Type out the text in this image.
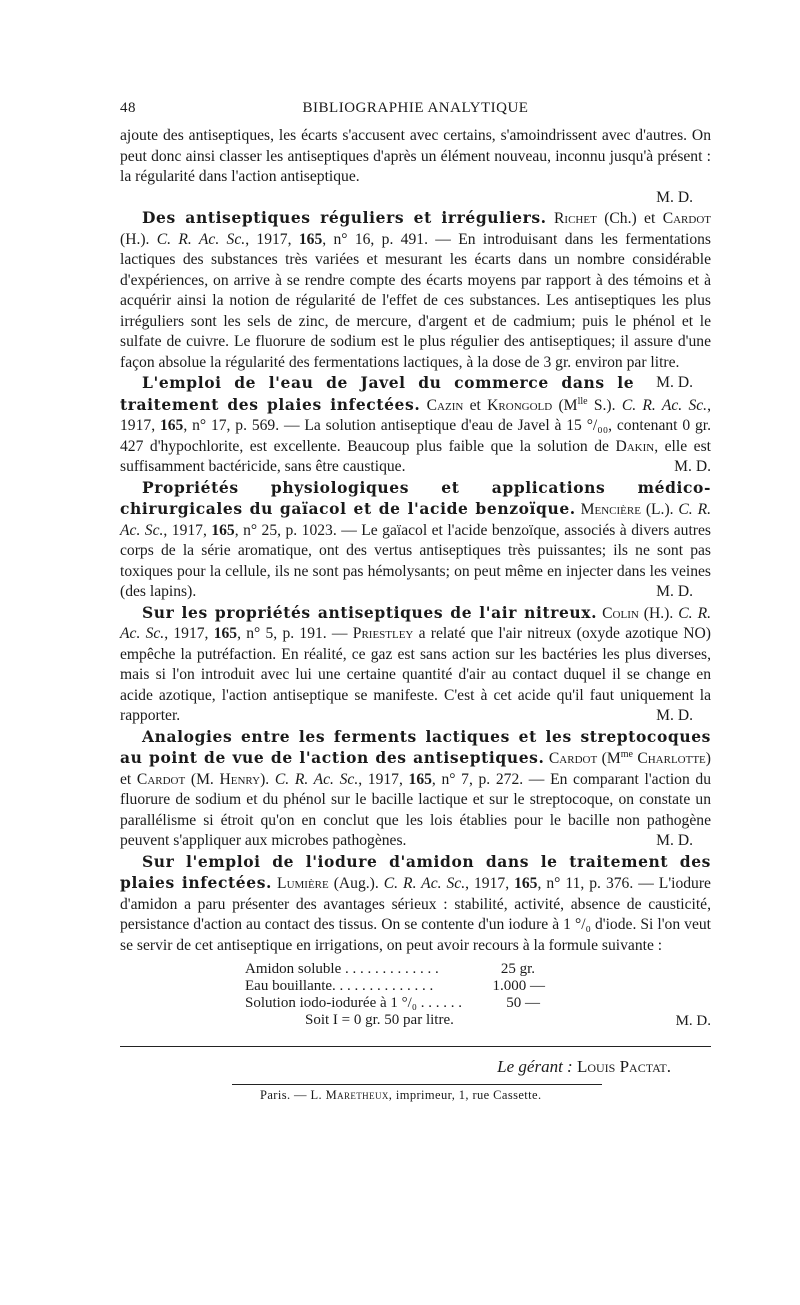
48	BIBLIOGRAPHIE ANALYTIQUE

ajoute des antiseptiques, les écarts s'accusent avec certains, s'amoindrissent avec d'autres. On peut donc ainsi classer les antiseptiques d'après un élément nouveau, inconnu jusqu'à présent : la régularité dans l'action antiseptique.
M. D.

Des antiseptiques réguliers et irréguliers. Richet (Ch.) et Cardot (H.). C. R. Ac. Sc., 1917, 165, n° 16, p. 491. — En introduisant dans les fermentations lactiques des substances très variées et mesurant les écarts dans un nombre considérable d'expériences, on arrive à se rendre compte des écarts moyens par rapport à des témoins et à acquérir ainsi la notion de régularité de l'effet de ces substances. Les antiseptiques les plus irréguliers sont les sels de zinc, de mercure, d'argent et de cadmium; puis le phénol et le sulfate de cuivre. Le fluorure de sodium est le plus régulier des antiseptiques; il assure d'une façon absolue la régularité des fermentations lactiques, à la dose de 3 gr. environ par litre.
M. D.

L'emploi de l'eau de Javel du commerce dans le traitement des plaies infectées. Cazin et Krongold ($M^{lle}$ S.). C. R. Ac. Sc., 1917, 165, n° 17, p. 569. — La solution antiseptique d'eau de Javel à 15 °/₀₀, contenant 0 gr. 427 d'hypochlorite, est excellente. Beaucoup plus faible que la solution de Dakin, elle est suffisamment bactéricide, sans être caustique.	M. D.

Propriétés physiologiques et applications médico-chirurgicales du gaïacol et de l'acide benzoïque. Mencière (L.). C. R. Ac. Sc., 1917, 165, n° 25, p. 1023. — Le gaïacol et l'acide benzoïque, associés à divers autres corps de la série aromatique, ont des vertus antiseptiques très puissantes; ils ne sont pas toxiques pour la cellule, ils ne sont pas hémolysants; on peut même en injecter dans les veines (des lapins).	M. D.

Sur les propriétés antiseptiques de l'air nitreux. Colin (H.). C. R. Ac. Sc., 1917, 165, n° 5, p. 191. — Priestley a relaté que l'air nitreux (oxyde azotique NO) empêche la putréfaction. En réalité, ce gaz est sans action sur les bactéries les plus diverses, mais si l'on introduit avec lui une certaine quantité d'air au contact duquel il se change en acide azotique, l'action antiseptique se manifeste. C'est à cet acide qu'il faut uniquement la rapporter.	M. D.

Analogies entre les ferments lactiques et les streptocoques au point de vue de l'action des antiseptiques. Cardot ($M^{me}$ Charlotte) et Cardot (M. Henry). C. R. Ac. Sc., 1917, 165, n° 7, p. 272. — En comparant l'action du fluorure de sodium et du phénol sur le bacille lactique et sur le streptocoque, on constate un parallélisme si étroit qu'on en conclut que les lois établies pour le bacille non pathogène peuvent s'appliquer aux microbes pathogènes.	M. D.

Sur l'emploi de l'iodure d'amidon dans le traitement des plaies infectées. Lumière (Aug.). C. R. Ac. Sc., 1917, 165, n° 11, p. 376. — L'iodure d'amidon a paru présenter des avantages sérieux : stabilité, activité, absence de causticité, persistance d'action au contact des tissus. On se contente d'un iodure à 1 °/₀ d'iode. Si l'on veut se servir de cet antiseptique en irrigations, on peut avoir recours à la formule suivante :

Amidon soluble . . . . . . . . . . . . .	25 gr.
Eau bouillante. . . . . . . . . . . . . .	1.000 —
Solution iodo-iodurée à 1 °/₀ . . . . . .	50 —
Soit I = 0 gr. 50 par litre.	M. D.
Le gérant : Louis Pactat.
Paris. — L. Maretheux, imprimeur, 1, rue Cassette.
